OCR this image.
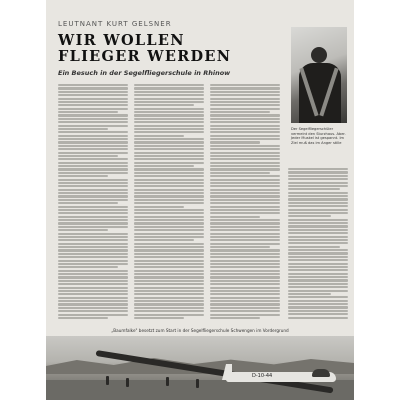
LEUTNANT KURT GELSNER
WIR WOLLEN
FLIEGER WERDEN
Ein Besuch in der Segelfliegerschule in Rhinow
Der Segelfliegerschüler vermeint den Sturzhaus. Aber. Jeder Muskel ist gespannt. Im Ziel muß das im Anger stille
„Baumfalke" besetzt zum Start in der Segelfliegerschule Schwengen im Vordergrund
D-10-44
